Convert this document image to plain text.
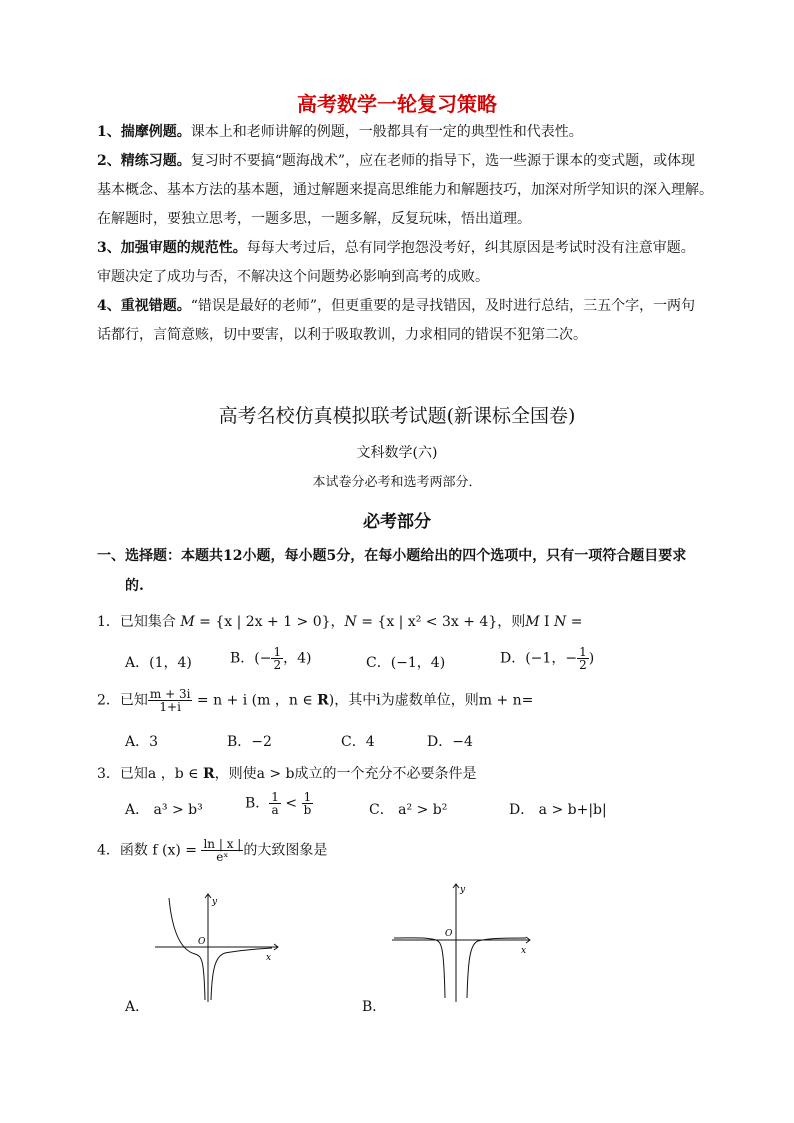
高考数学一轮复习策略
1、揣摩例题。课本上和老师讲解的例题，一般都具有一定的典型性和代表性。
2、精练习题。复习时不要搞“题海战术”，应在老师的指导下，选一些源于课本的变式题，或体现
基本概念、基本方法的基本题，通过解题来提高思维能力和解题技巧，加深对所学知识的深入理解。
在解题时，要独立思考，一题多思，一题多解，反复玩味，悟出道理。
3、加强审题的规范性。每每大考过后，总有同学抱怨没考好，纠其原因是考试时没有注意审题。
审题决定了成功与否，不解决这个问题势必影响到高考的成败。
4、重视错题。“错误是最好的老师”，但更重要的是寻找错因，及时进行总结，三五个字，一两句
话都行，言简意赅，切中要害，以利于吸取教训，力求相同的错误不犯第二次。
高考名校仿真模拟联考试题(新课标全国卷)
文科数学(六)
本试卷分必考和选考两部分．
必考部分
一、选择题：本题共12小题，每小题5分，在每小题给出的四个选项中，只有一项符合题目要求
的.
1．已知集合 M = {x | 2x + 1 > 0}，N = {x | x² < 3x + 4}，则M I N =
A．(1，4)	B．(− $\frac{1}{2}$ ，4)	C．(−1，4)	D．(−1，− $\frac{1}{2}$ )
2．已知 $\frac{m + 3i}{1+i} = n + i$ (m ，n ∈ R)，其中i为虚数单位，则m + n=
A．3	B．−2	C．4	D．−4
3．已知a ，b ∈ R，则使a > b成立的一个充分不必要条件是
A． a³ > b³	B． $\frac{1}{a} < \frac{1}{b}$	C． a² > b²	D． a > b+|b|
4．函数 f $(x) = \frac{\ln | x |}{\text{eˣ}}$ 的大致图象是
O
x
y
A．
O
x
y
B．
